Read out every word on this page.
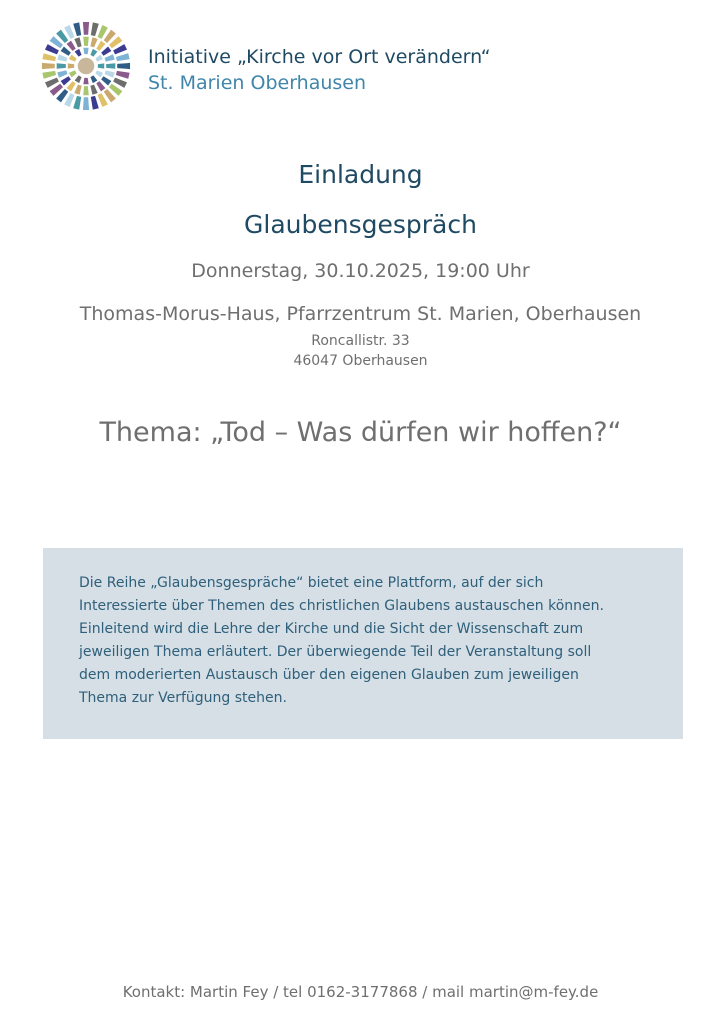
Initiative „Kirche vor Ort verändern“
St. Marien Oberhausen
Einladung
Glaubensgespräch
Donnerstag, 30.10.2025, 19:00 Uhr
Thomas-Morus-Haus, Pfarrzentrum St. Marien, Oberhausen
Roncallistr. 33
46047 Oberhausen
Thema: „Tod – Was dürfen wir hoffen?“

Die Reihe „Glaubensgespräche“ bietet eine Plattform, auf der sich

Interessierte über Themen des christlichen Glaubens austauschen können.

Einleitend wird die Lehre der Kirche und die Sicht der Wissenschaft zum

jeweiligen Thema erläutert. Der überwiegende Teil der Veranstaltung soll

dem moderierten Austausch über den eigenen Glauben zum jeweiligen

Thema zur Verfügung stehen.

Kontakt: Martin Fey / tel 0162-3177868 / mail martin@m-fey.de
